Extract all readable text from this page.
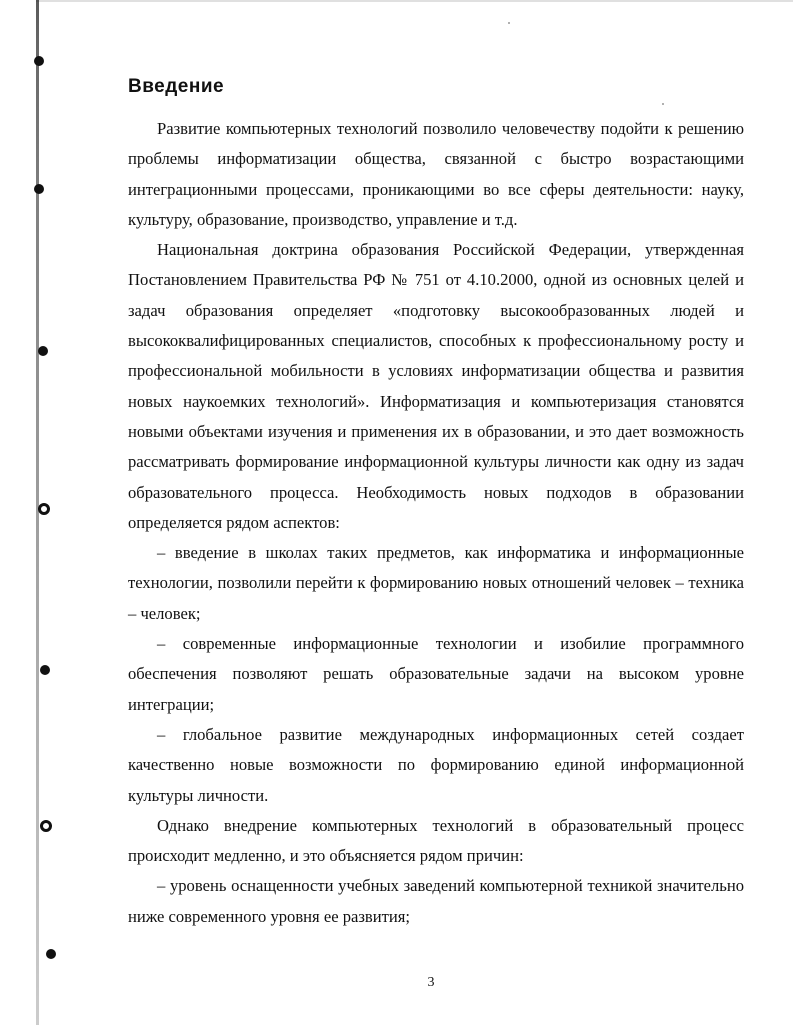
Введение

Развитие компьютерных технологий позволило человечеству подойти к решению проблемы информатизации общества, связанной с быстро возрастающими интеграционными процессами, проникающими во все сферы деятельности: науку, культуру, образование, производство, управление и т.д.

Национальная доктрина образования Российской Федерации, утвержденная Постановлением Правительства РФ № 751 от 4.10.2000, одной из основных целей и задач образования определяет «подготовку высокообразованных людей и высококвалифицированных специалистов, способных к профессиональному росту и профессиональной мобильности в условиях информатизации общества и развития новых наукоемких технологий». Информатизация и компьютеризация становятся новыми объектами изучения и применения их в образовании, и это дает возможность рассматривать формирование информационной культуры личности как одну из задач образовательного процесса. Необходимость новых подходов в образовании определяется рядом аспектов:

– введение в школах таких предметов, как информатика и информационные технологии, позволили перейти к формированию новых отношений человек – техника – человек;

– современные информационные технологии и изобилие программного обеспечения позволяют решать образовательные задачи на высоком уровне интеграции;

– глобальное развитие международных информационных сетей создает качественно новые возможности по формированию единой информационной культуры личности.

Однако внедрение компьютерных технологий в образовательный процесс происходит медленно, и это объясняется рядом причин:

– уровень оснащенности учебных заведений компьютерной техникой значительно ниже современного уровня ее развития;

3
